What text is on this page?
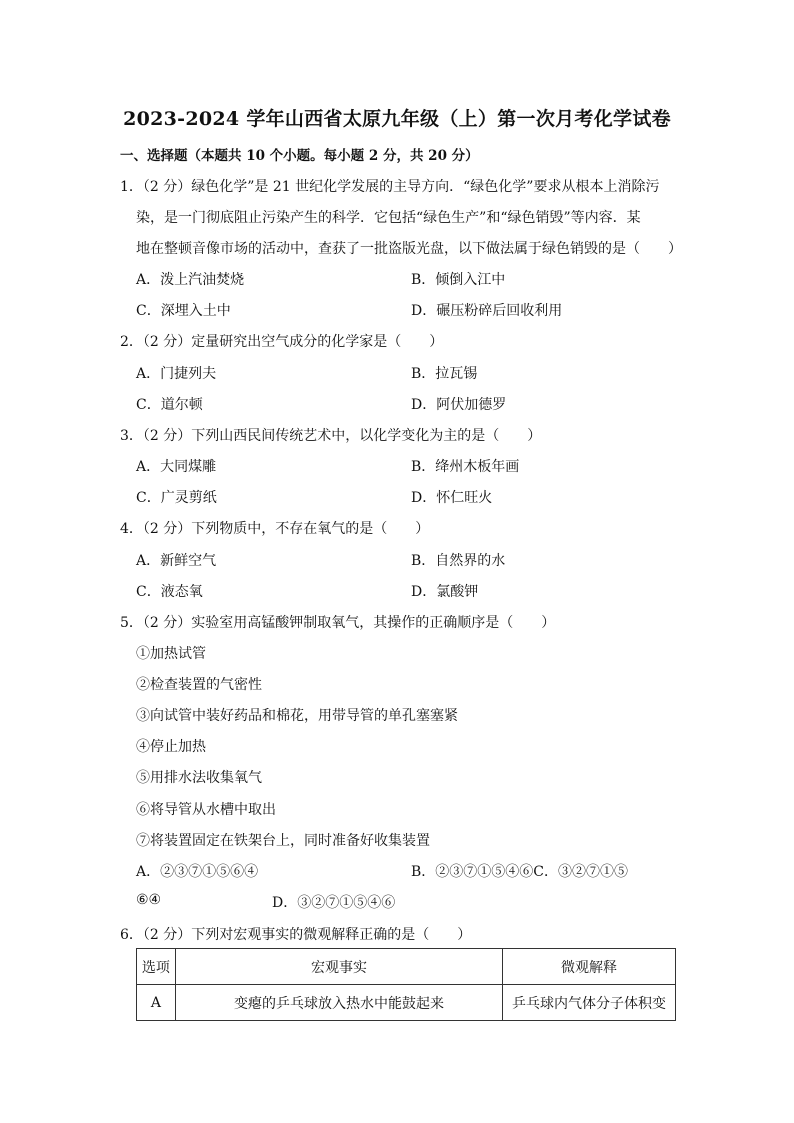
2023-2024 学年山西省太原九年级（上）第一次月考化学试卷
一、选择题（本题共 10 个小题。每小题 2 分，共 20 分）
1．（2 分）绿色化学”是 21 世纪化学发展的主导方向．“绿色化学”要求从根本上消除污
染，是一门彻底阻止污染产生的科学．它包括“绿色生产”和“绿色销毁”等内容．某
地在整顿音像市场的活动中，查获了一批盗版光盘，以下做法属于绿色销毁的是（　　）
A．泼上汽油焚烧	B．倾倒入江中
C．深埋入土中	D．碾压粉碎后回收利用
2．（2 分）定量研究出空气成分的化学家是（　　）
A．门捷列夫	B．拉瓦锡
C．道尔顿	D．阿伏加德罗
3．（2 分）下列山西民间传统艺术中，以化学变化为主的是（　　）
A．大同煤雕	B．绛州木板年画
C．广灵剪纸	D．怀仁旺火
4．（2 分）下列物质中，不存在氧气的是（　　）
A．新鲜空气	B．自然界的水
C．液态氧	D．氯酸钾
5．（2 分）实验室用高锰酸钾制取氧气，其操作的正确顺序是（　　）
①加热试管
②检查装置的气密性
③向试管中装好药品和棉花，用带导管的单孔塞塞紧
④停止加热
⑤用排水法收集氧气
⑥将导管从水槽中取出
⑦将装置固定在铁架台上，同时准备好收集装置
A．②③⑦①⑤⑥④	B．②③⑦①⑤④⑥C．③②⑦①⑤
⑥④	D．③②⑦①⑤④⑥
6．（2 分）下列对宏观事实的微观解释正确的是（　　）
选项	宏观事实	微观解释
A	变瘪的乒乓球放入热水中能鼓起来	乒乓球内气体分子体积变
